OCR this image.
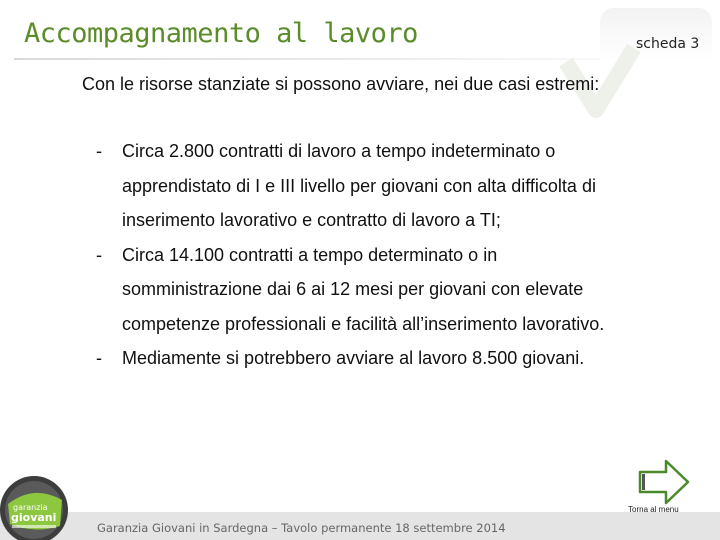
Accompagnamento al lavoro	scheda 3
Con le risorse stanziate si possono avviare, nei due casi estremi:
- Circa 2.800 contratti di lavoro a tempo indeterminato o apprendistato di I e III livello per giovani con alta difficolta di inserimento lavorativo e contratto di lavoro a TI;
- Circa 14.100 contratti a tempo determinato o in somministrazione dai 6 ai 12 mesi per giovani con elevate competenze professionali e facilità all’inserimento lavorativo.
- Mediamente si potrebbero avviare al lavoro 8.500 giovani.
Garanzia Giovani in Sardegna – Tavolo permanente 18 settembre 2014
garanzia
giovani
Torna al menu
